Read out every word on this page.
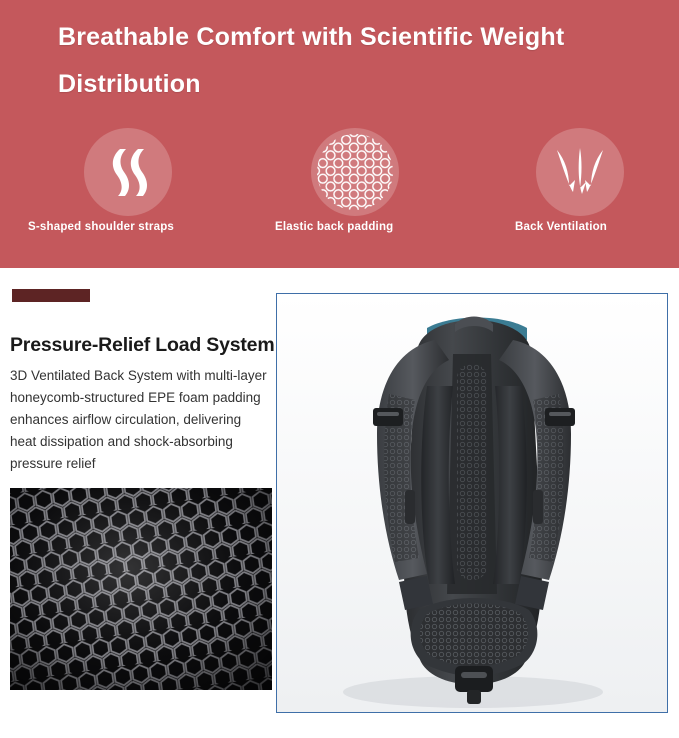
Breathable Comfort with Scientific Weight Distribution
S-shaped shoulder straps	Elastic back padding	Back Ventilation
Pressure-Relief Load System
3D Ventilated Back System with multi-layer honeycomb-structured EPE foam padding enhances airflow circulation, delivering heat dissipation and shock-absorbing pressure relief
